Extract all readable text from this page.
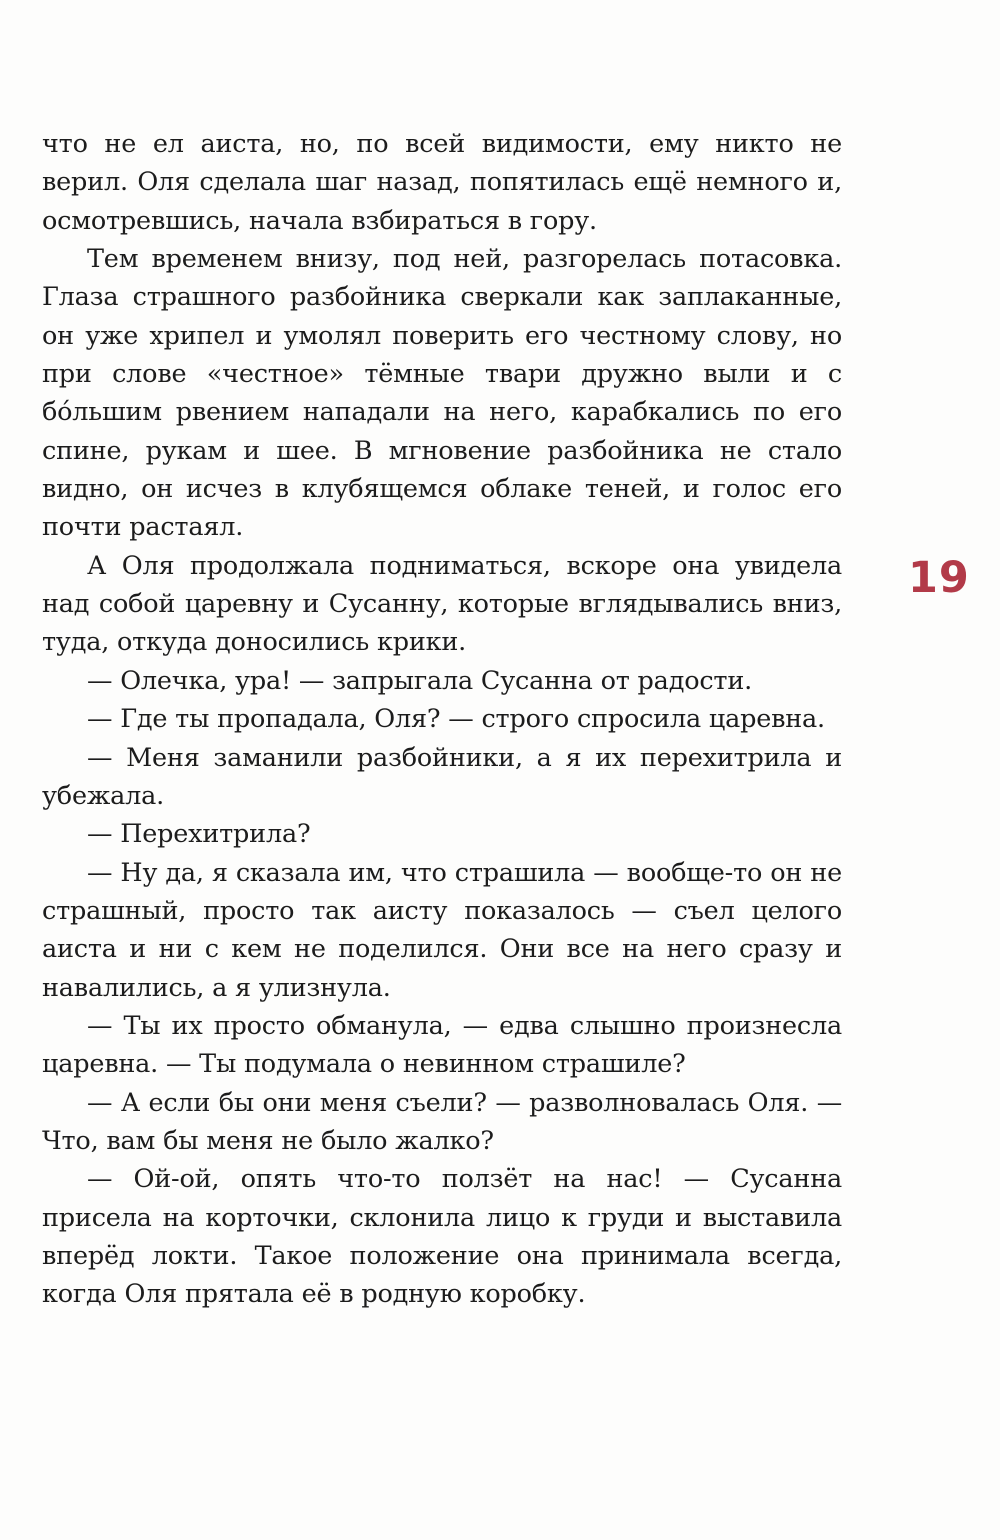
что не ел аиста, но, по всей видимости, ему никто не верил. Оля сделала шаг назад, попятилась ещё немного и, осмотревшись, начала взбираться в гору.

Тем временем внизу, под ней, разгорелась потасовка. Глаза страшного разбойника сверкали как заплаканные, он уже хрипел и умолял поверить его честному слову, но при слове «честное» тёмные твари дружно выли и с бо́льшим рвением нападали на него, карабкались по его спине, рукам и шее. В мгновение разбойника не стало видно, он исчез в клубящемся облаке теней, и голос его почти растаял.

А Оля продолжала подниматься, вскоре она увидела над собой царевну и Сусанну, которые вглядывались вниз, туда, откуда доносились крики.

— Олечка, ура! — запрыгала Сусанна от радости.

— Где ты пропадала, Оля? — строго спросила царевна.

— Меня заманили разбойники, а я их перехитрила и убежала.

— Перехитрила?

— Ну да, я сказала им, что страшила — вообще-то он не страшный, просто так аисту показалось — съел целого аиста и ни с кем не поделился. Они все на него сразу и навалились, а я улизнула.

— Ты их просто обманула, — едва слышно произнесла царевна. — Ты подумала о невинном страшиле?

— А если бы они меня съели? — разволновалась Оля. — Что, вам бы меня не было жалко?

— Ой-ой, опять что-то ползёт на нас! — Сусанна присела на корточки, склонила лицо к груди и выставила вперёд локти. Такое положение она принимала всегда, когда Оля прятала её в родную коробку.

19
